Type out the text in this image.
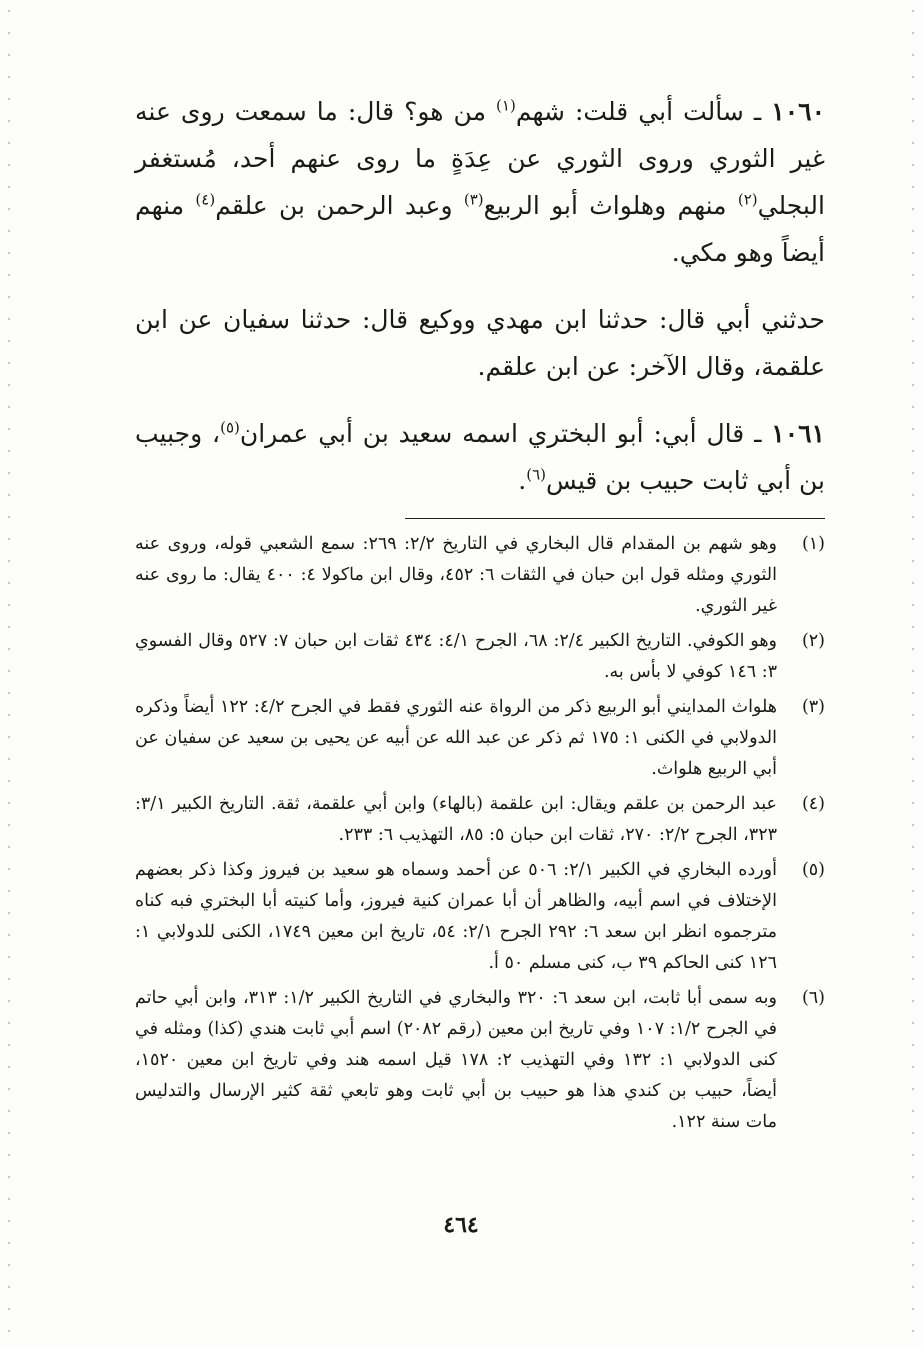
١٠٦٠ ـ سألت أبي قلت: شهم$^{(١)}$ من هو؟ قال: ما سمعت روى عنه غير الثوري وروى الثوري عن عِدَةٍ ما روى عنهم أحد، مُستغفر البجلي$^{(٢)}$ منهم وهلواث أبو الربيع$^{(٣)}$ وعبد الرحمن بن علقم$^{(٤)}$ منهم أيضاً وهو مكي.

حدثني أبي قال: حدثنا ابن مهدي ووكيع قال: حدثنا سفيان عن ابن علقمة، وقال الآخر: عن ابن علقم.

١٠٦١ ـ قال أبي: أبو البختري اسمه سعيد بن أبي عمران$^{(٥)}$، وجبيب بن أبي ثابت حبيب بن قيس$^{(٦)}$.

(١)
وهو شهم بن المقدام قال البخاري في التاريخ ٢/٢: ٢٦٩: سمع الشعبي قوله، وروى عنه الثوري ومثله قول ابن حبان في الثقات ٦: ٤٥٢، وقال ابن ماكولا ٤: ٤٠٠ يقال: ما روى عنه غير الثوري.
(٢)
وهو الكوفي. التاريخ الكبير ٢/٤: ٦٨، الجرح ٤/١: ٤٣٤ ثقات ابن حبان ٧: ٥٢٧ وقال الفسوي ٣: ١٤٦ كوفي لا بأس به.
(٣)
هلواث المدايني أبو الربيع ذكر من الرواة عنه الثوري فقط في الجرح ٤/٢: ١٢٢ أيضاً وذكره الدولابي في الكنى ١: ١٧٥ ثم ذكر عن عبد الله عن أبيه عن يحيى بن سعيد عن سفيان عن أبي الربيع هلواث.
(٤)
عبد الرحمن بن علقم ويقال: ابن علقمة (بالهاء) وابن أبي علقمة، ثقة. التاريخ الكبير ٣/١: ٣٢٣، الجرح ٢/٢: ٢٧٠، ثقات ابن حبان ٥: ٨٥، التهذيب ٦: ٢٣٣.
(٥)
أورده البخاري في الكبير ٢/١: ٥٠٦ عن أحمد وسماه هو سعيد بن فيروز وكذا ذكر بعضهم الإختلاف في اسم أبيه، والظاهر أن أبا عمران كنية فيروز، وأما كنيته أبا البختري فبه كناه مترجموه انظر ابن سعد ٦: ٢٩٢ الجرح ٢/١: ٥٤، تاريخ ابن معين ١٧٤٩، الكنى للدولابي ١: ١٢٦ كنى الحاكم ٣٩ ب، كنى مسلم ٥٠ أ.
(٦)
وبه سمى أبا ثابت، ابن سعد ٦: ٣٢٠ والبخاري في التاريخ الكبير ١/٢: ٣١٣، وابن أبي حاتم في الجرح ١/٢: ١٠٧ وفي تاريخ ابن معين (رقم ٢٠٨٢) اسم أبي ثابت هندي (كذا) ومثله في كنى الدولابي ١: ١٣٢ وفي التهذيب ٢: ١٧٨ قيل اسمه هند وفي تاريخ ابن معين ١٥٢٠، أيضاً، حبيب بن كندي هذا هو حبيب بن أبي ثابت وهو تابعي ثقة كثير الإرسال والتدليس مات سنة ١٢٢.
٤٦٤
